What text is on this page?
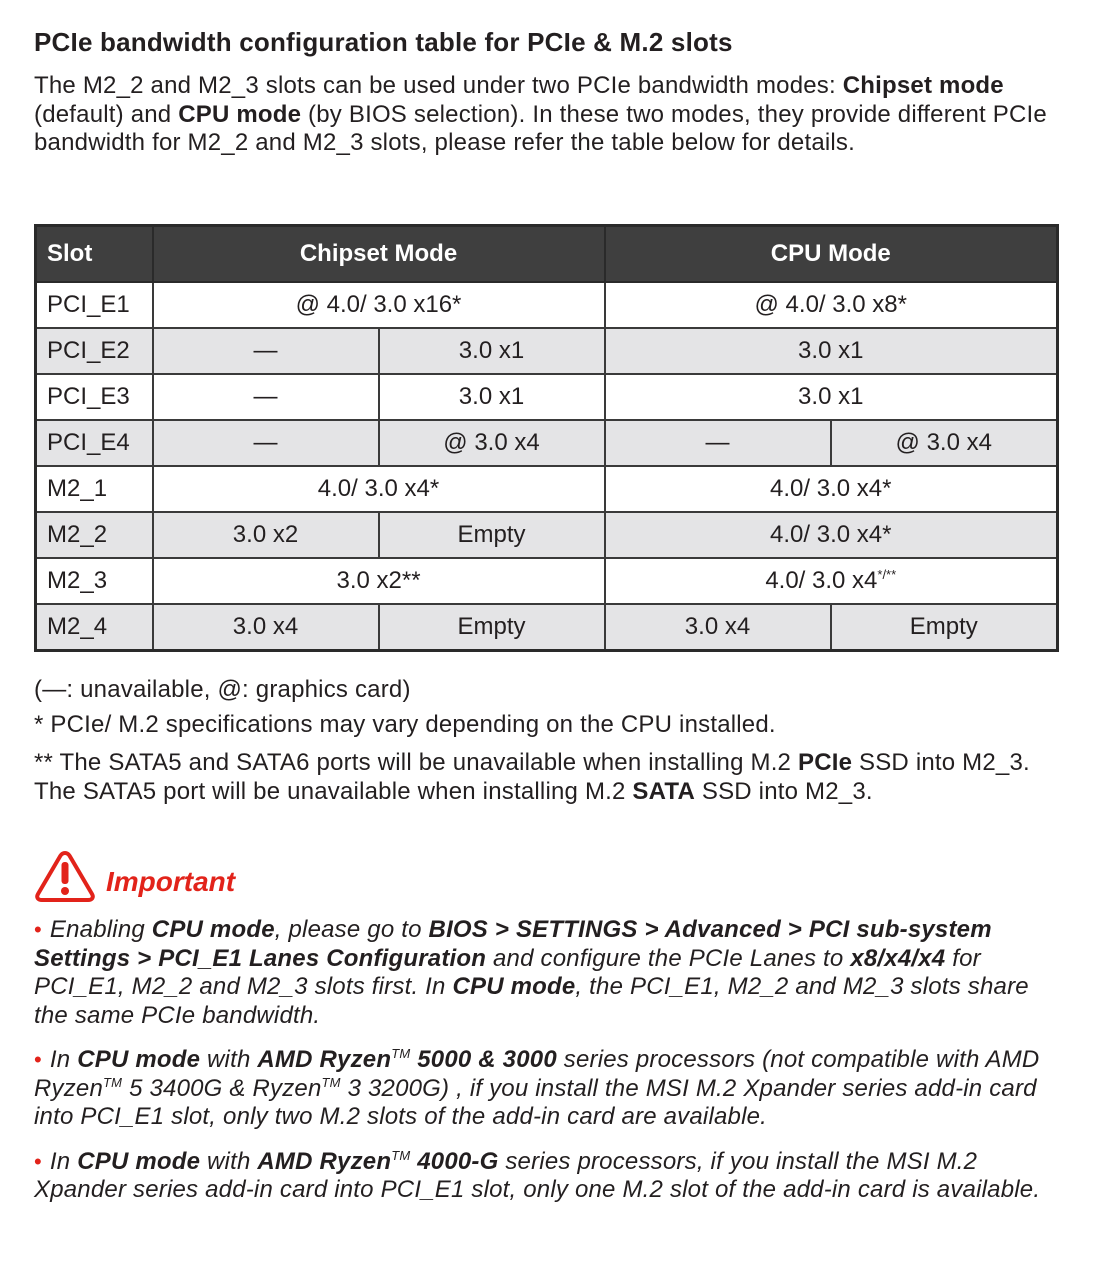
PCIe bandwidth configuration table for PCIe & M.2 slots

The M2_2 and M2_3 slots can be used under two PCIe bandwidth modes: Chipset mode (default) and CPU mode (by BIOS selection). In these two modes, they provide different PCIe bandwidth for M2_2 and M2_3 slots, please refer the table below for details.

Slot	Chipset Mode		CPU Mode	
PCI_E1	@ 4.0/ 3.0 x16*		@ 4.0/ 3.0 x8*	
PCI_E2	—	3.0 x1	3.0 x1	
PCI_E3	—	3.0 x1	3.0 x1	
PCI_E4	—	@ 3.0 x4	—	@ 3.0 x4
M2_1	4.0/ 3.0 x4*		4.0/ 3.0 x4*	
M2_2	3.0 x2	Empty	4.0/ 3.0 x4*	
M2_3	3.0 x2**		4.0/ 3.0 x4*/**
M2_4	3.0 x4	Empty	3.0 x4	Empty

(—: unavailable, @: graphics card)

* PCIe/ M.2 specifications may vary depending on the CPU installed.

** The SATA5 and SATA6 ports will be unavailable when installing M.2 PCIe SSD into M2_3. The SATA5 port will be unavailable when installing M.2 SATA SSD into M2_3.

Important

• Enabling CPU mode, please go to BIOS > SETTINGS > Advanced > PCI sub-system Settings > PCI_E1 Lanes Configuration and configure the PCIe Lanes to x8/x4/x4 for PCI_E1, M2_2 and M2_3 slots first. In CPU mode, the PCI_E1, M2_2 and M2_3 slots share the same PCIe bandwidth.

• In CPU mode with AMD Ryzen™ 5000 & 3000 series processors (not compatible with AMD Ryzen™ 5 3400G & Ryzen™ 3 3200G) , if you install the MSI M.2 Xpander series add-in card into PCI_E1 slot, only two M.2 slots of the add-in card are available.

• In CPU mode with AMD Ryzen™ 4000-G series processors, if you install the MSI M.2 Xpander series add-in card into PCI_E1 slot, only one M.2 slot of the add-in card is available.
